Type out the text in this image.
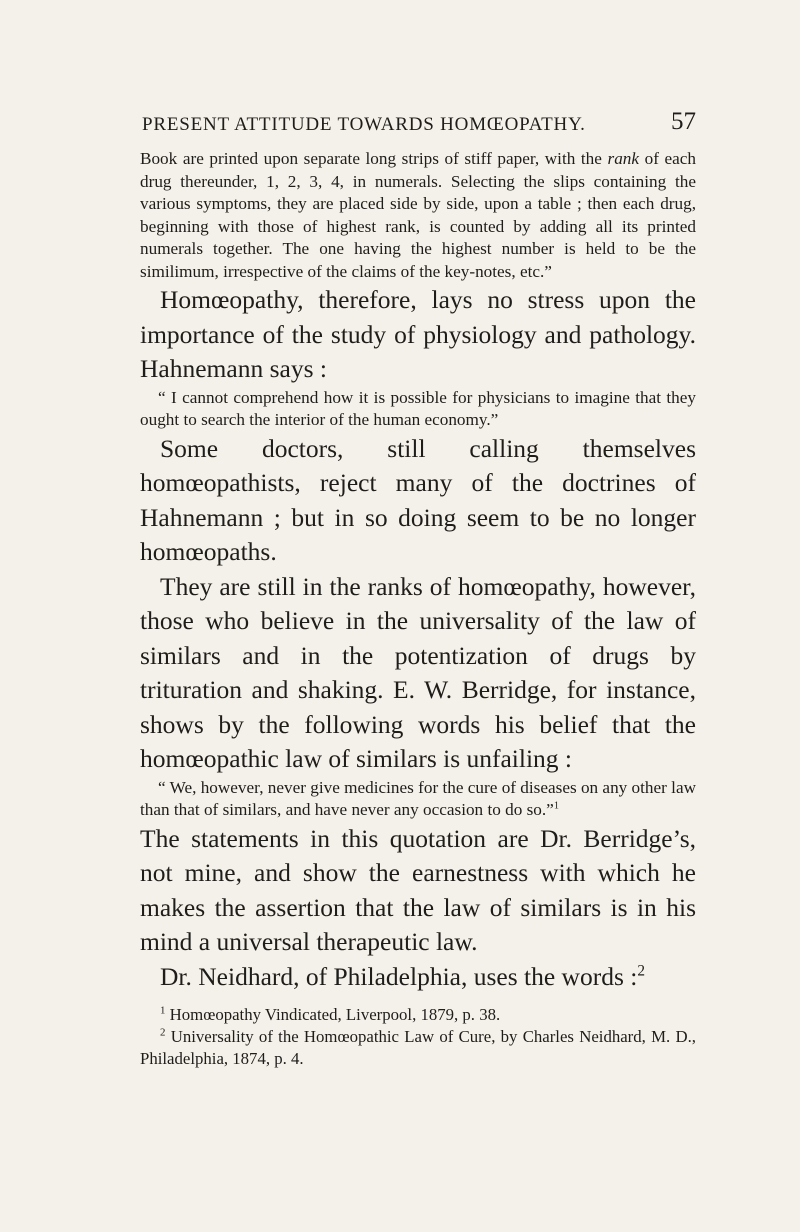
PRESENT ATTITUDE TOWARDS HOMŒOPATHY.	57

Book are printed upon separate long strips of stiff paper, with the rank of each drug thereunder, 1, 2, 3, 4, in numerals. Selecting the slips containing the various symptoms, they are placed side by side, upon a table ; then each drug, beginning with those of highest rank, is counted by adding all its printed numerals together. The one having the highest number is held to be the similimum, irrespective of the claims of the key-notes, etc.”

Homœopathy, therefore, lays no stress upon the importance of the study of physiology and pathology. Hahnemann says :

“ I cannot comprehend how it is possible for physicians to imagine that they ought to search the interior of the human economy.”

Some doctors, still calling themselves homœopathists, reject many of the doctrines of Hahnemann ; but in so doing seem to be no longer homœopaths.

They are still in the ranks of homœopathy, however, those who believe in the universality of the law of similars and in the potentization of drugs by trituration and shaking. E. W. Berridge, for instance, shows by the following words his belief that the homœopathic law of similars is unfailing :

“ We, however, never give medicines for the cure of diseases on any other law than that of similars, and have never any occasion to do so.”$^1$

The statements in this quotation are Dr. Berridge’s, not mine, and show the earnestness with which he makes the assertion that the law of similars is in his mind a universal therapeutic law.

Dr. Neidhard, of Philadelphia, uses the words :$^2$

$^1$ Homœopathy Vindicated, Liverpool, 1879, p. 38.

$^2$ Universality of the Homœopathic Law of Cure, by Charles Neidhard, M. D., Philadelphia, 1874, p. 4.
